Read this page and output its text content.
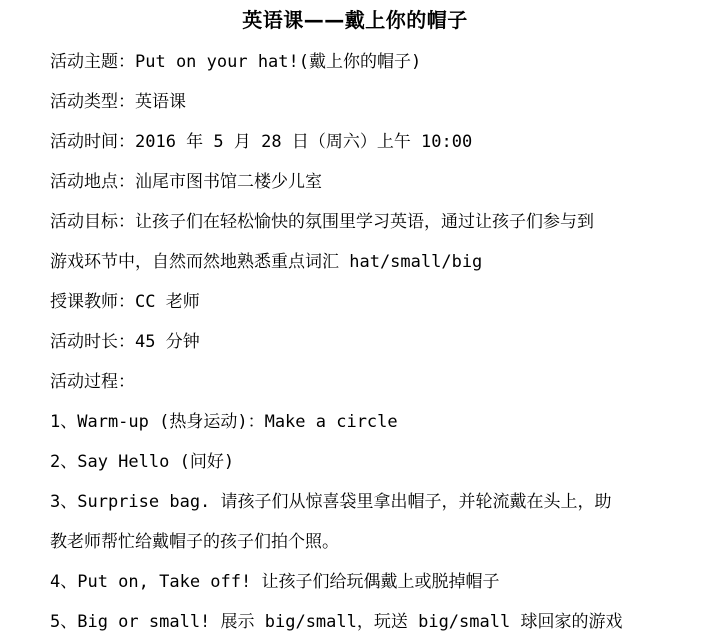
英语课——戴上你的帽子
活动主题：Put on your hat!(戴上你的帽子)
活动类型：英语课
活动时间：2016 年 5 月 28 日（周六）上午 10:00
活动地点：汕尾市图书馆二楼少儿室
活动目标：让孩子们在轻松愉快的氛围里学习英语，通过让孩子们参与到
游戏环节中，自然而然地熟悉重点词汇 hat/small/big
授课教师：CC 老师
活动时长：45 分钟
活动过程：
1、Warm-up (热身运动)：Make a circle
2、Say Hello (问好)
3、Surprise bag. 请孩子们从惊喜袋里拿出帽子，并轮流戴在头上，助
教老师帮忙给戴帽子的孩子们拍个照。
4、Put on, Take off! 让孩子们给玩偶戴上或脱掉帽子
5、Big or small! 展示 big/small，玩送 big/small 球回家的游戏
